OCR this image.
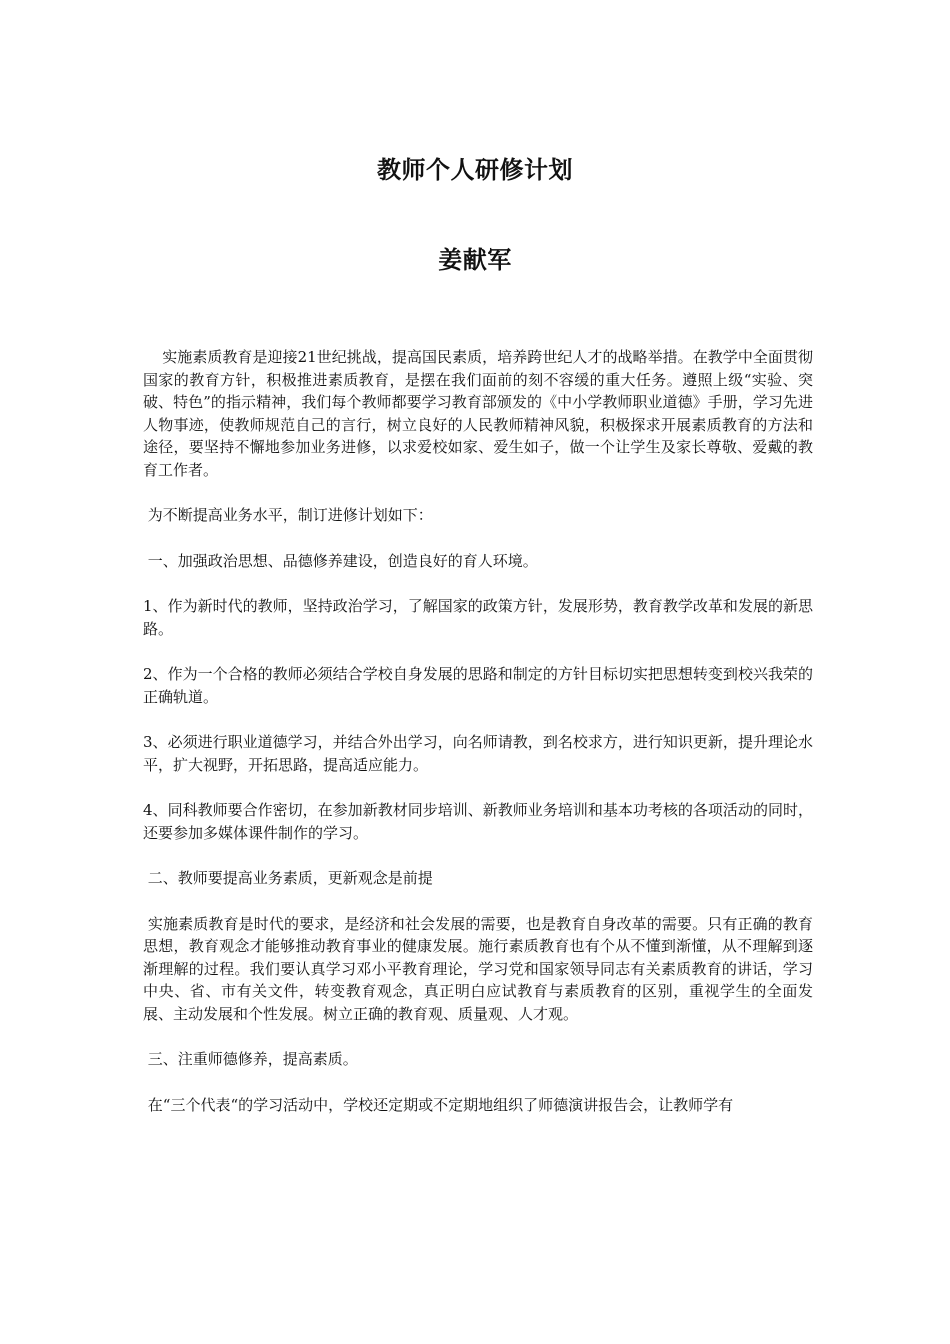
教师个人研修计划
姜献军

实施素质教育是迎接21世纪挑战，提高国民素质，培养跨世纪人才的战略举措。在教学中全面贯彻国家的教育方针，积极推进素质教育，是摆在我们面前的刻不容缓的重大任务。遵照上级“实验、突破、特色”的指示精神，我们每个教师都要学习教育部颁发的《中小学教师职业道德》手册，学习先进人物事迹，使教师规范自己的言行，树立良好的人民教师精神风貌，积极探求开展素质教育的方法和途径，要坚持不懈地参加业务进修，以求爱校如家、爱生如子，做一个让学生及家长尊敬、爱戴的教育工作者。

为不断提高业务水平，制订进修计划如下：

一、加强政治思想、品德修养建设，创造良好的育人环境。

1、作为新时代的教师，坚持政治学习，了解国家的政策方针，发展形势，教育教学改革和发展的新思路。

2、作为一个合格的教师必须结合学校自身发展的思路和制定的方针目标切实把思想转变到校兴我荣的正确轨道。

3、必须进行职业道德学习，并结合外出学习，向名师请教，到名校求方，进行知识更新，提升理论水平，扩大视野，开拓思路，提高适应能力。

4、同科教师要合作密切，在参加新教材同步培训、新教师业务培训和基本功考核的各项活动的同时，还要参加多媒体课件制作的学习。

二、教师要提高业务素质，更新观念是前提

实施素质教育是时代的要求，是经济和社会发展的需要，也是教育自身改革的需要。只有正确的教育思想，教育观念才能够推动教育事业的健康发展。施行素质教育也有个从不懂到渐懂，从不理解到逐渐理解的过程。我们要认真学习邓小平教育理论，学习党和国家领导同志有关素质教育的讲话，学习中央、省、市有关文件，转变教育观念，真正明白应试教育与素质教育的区别，重视学生的全面发展、主动发展和个性发展。树立正确的教育观、质量观、人才观。

三、注重师德修养，提高素质。

在“三个代表“的学习活动中，学校还定期或不定期地组织了师德演讲报告会，让教师学有
